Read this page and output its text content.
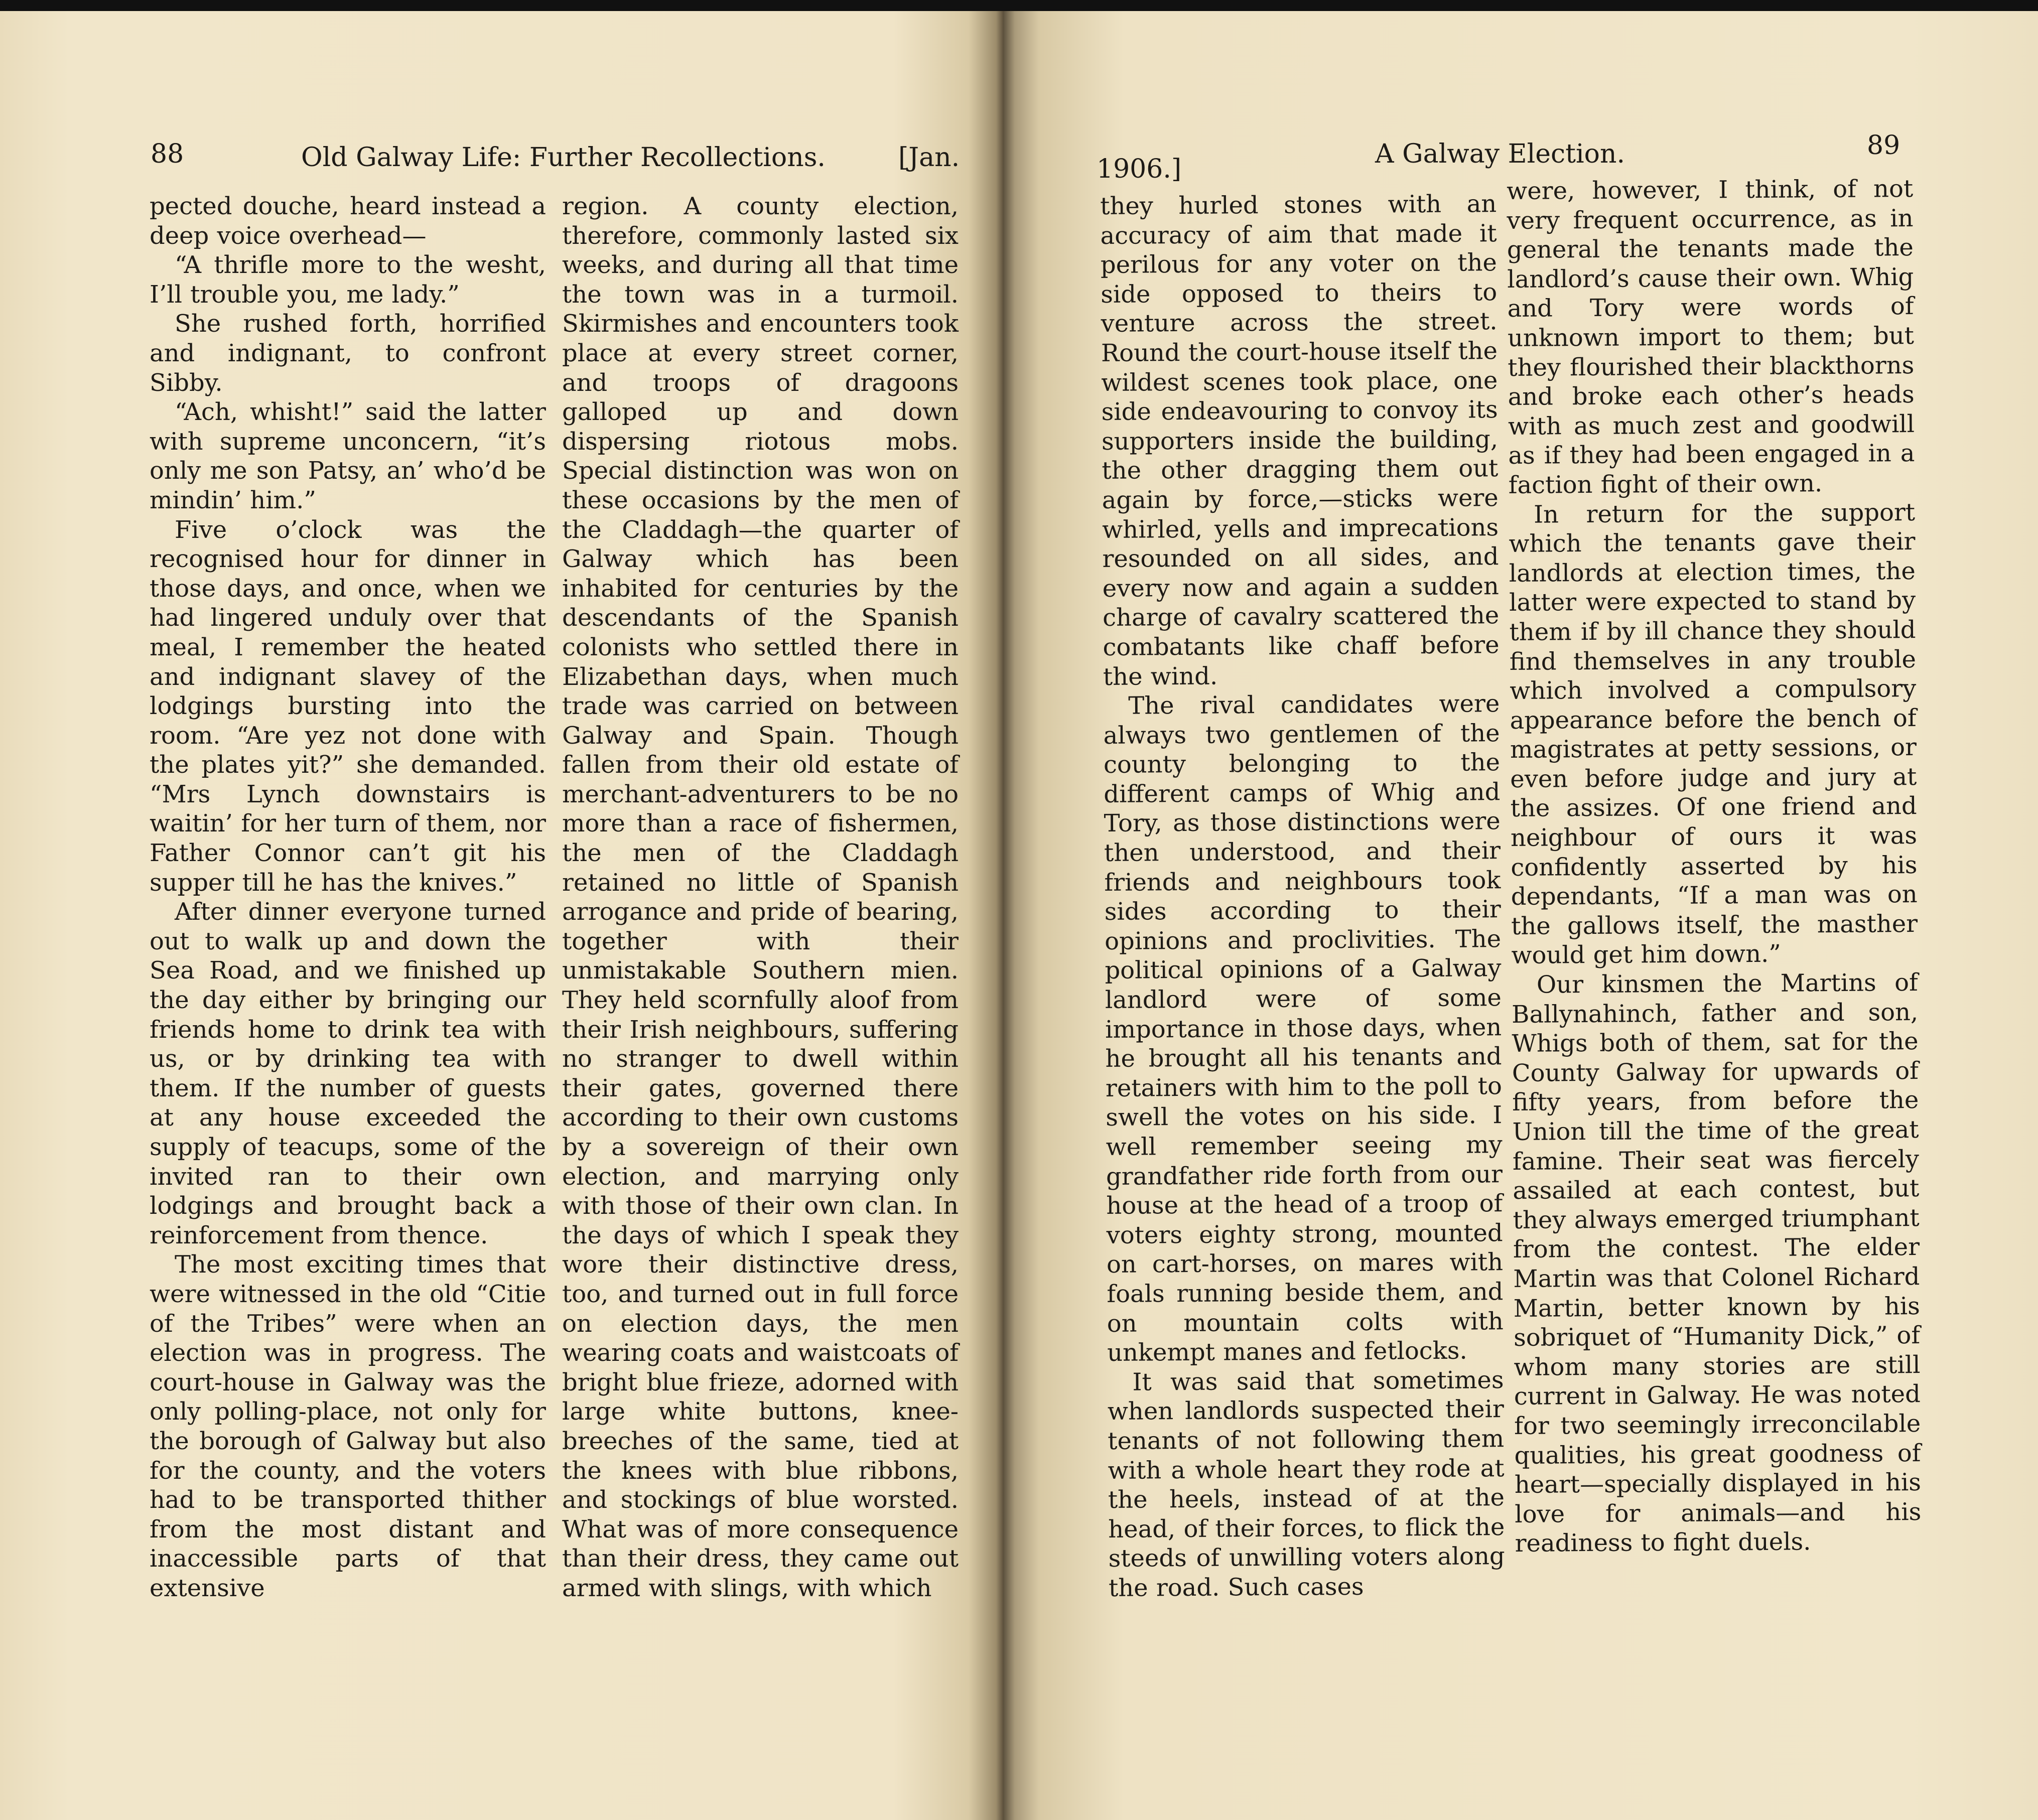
88	Old Galway Life: Further Recollections.	[Jan.

pected douche, heard instead a deep voice overhead—

“A thrifle more to the wesht, I’ll trouble you, me lady.”

She rushed forth, horrified and indignant, to confront Sibby.

“Ach, whisht!” said the latter with supreme unconcern, “it’s only me son Patsy, an’ who’d be mindin’ him.”

Five o’clock was the recognised hour for dinner in those days, and once, when we had lingered unduly over that meal, I remember the heated and indignant slavey of the lodgings bursting into the room. “Are yez not done with the plates yit?” she demanded. “Mrs Lynch downstairs is waitin’ for her turn of them, nor Father Connor can’t git his supper till he has the knives.”

After dinner everyone turned out to walk up and down the Sea Road, and we finished up the day either by bringing our friends home to drink tea with us, or by drinking tea with them. If the number of guests at any house exceeded the supply of teacups, some of the invited ran to their own lodgings and brought back a reinforcement from thence.

The most exciting times that were witnessed in the old “Citie of the Tribes” were when an election was in progress. The court-house in Galway was the only polling-place, not only for the borough of Galway but also for the county, and the voters had to be transported thither from the most distant and inaccessible parts of that extensive

region. A county election, therefore, commonly lasted six weeks, and during all that time the town was in a turmoil. Skirmishes and encounters took place at every street corner, and troops of dragoons galloped up and down dispersing riotous mobs. Special distinction was won on these occasions by the men of the Claddagh—the quarter of Galway which has been inhabited for centuries by the descendants of the Spanish colonists who settled there in Elizabethan days, when much trade was carried on between Galway and Spain. Though fallen from their old estate of merchant-adventurers to be no more than a race of fishermen, the men of the Claddagh retained no little of Spanish arrogance and pride of bearing, together with their unmistakable Southern mien. They held scornfully aloof from their Irish neighbours, suffering no stranger to dwell within their gates, governed there according to their own customs by a sovereign of their own election, and marrying only with those of their own clan. In the days of which I speak they wore their distinctive dress, too, and turned out in full force on election days, the men wearing coats and waistcoats of bright blue frieze, adorned with large white buttons, knee-breeches of the same, tied at the knees with blue ribbons, and stockings of blue worsted. What was of more consequence than their dress, they came out armed with slings, with which

1906.]	A Galway Election.	89

they hurled stones with an accuracy of aim that made it perilous for any voter on the side opposed to theirs to venture across the street. Round the court-house itself the wildest scenes took place, one side endeavouring to convoy its supporters inside the building, the other dragging them out again by force,—sticks were whirled, yells and imprecations resounded on all sides, and every now and again a sudden charge of cavalry scattered the combatants like chaff before the wind.

The rival candidates were always two gentlemen of the county belonging to the different camps of Whig and Tory, as those distinctions were then understood, and their friends and neighbours took sides according to their opinions and proclivities. The political opinions of a Galway landlord were of some importance in those days, when he brought all his tenants and retainers with him to the poll to swell the votes on his side. I well remember seeing my grandfather ride forth from our house at the head of a troop of voters eighty strong, mounted on cart-horses, on mares with foals running beside them, and on mountain colts with unkempt manes and fetlocks.

It was said that sometimes when landlords suspected their tenants of not following them with a whole heart they rode at the heels, instead of at the head, of their forces, to flick the steeds of unwilling voters along the road. Such cases

were, however, I think, of not very frequent occurrence, as in general the tenants made the landlord’s cause their own. Whig and Tory were words of unknown import to them; but they flourished their blackthorns and broke each other’s heads with as much zest and goodwill as if they had been engaged in a faction fight of their own.

In return for the support which the tenants gave their landlords at election times, the latter were expected to stand by them if by ill chance they should find themselves in any trouble which involved a compulsory appearance before the bench of magistrates at petty sessions, or even before judge and jury at the assizes. Of one friend and neighbour of ours it was confidently asserted by his dependants, “If a man was on the gallows itself, the masther would get him down.”

Our kinsmen the Martins of Ballynahinch, father and son, Whigs both of them, sat for the County Galway for upwards of fifty years, from before the Union till the time of the great famine. Their seat was fiercely assailed at each contest, but they always emerged triumphant from the contest. The elder Martin was that Colonel Richard Martin, better known by his sobriquet of “Humanity Dick,” of whom many stories are still current in Galway. He was noted for two seemingly irreconcilable qualities, his great goodness of heart—specially displayed in his love for animals—and his readiness to fight duels.
